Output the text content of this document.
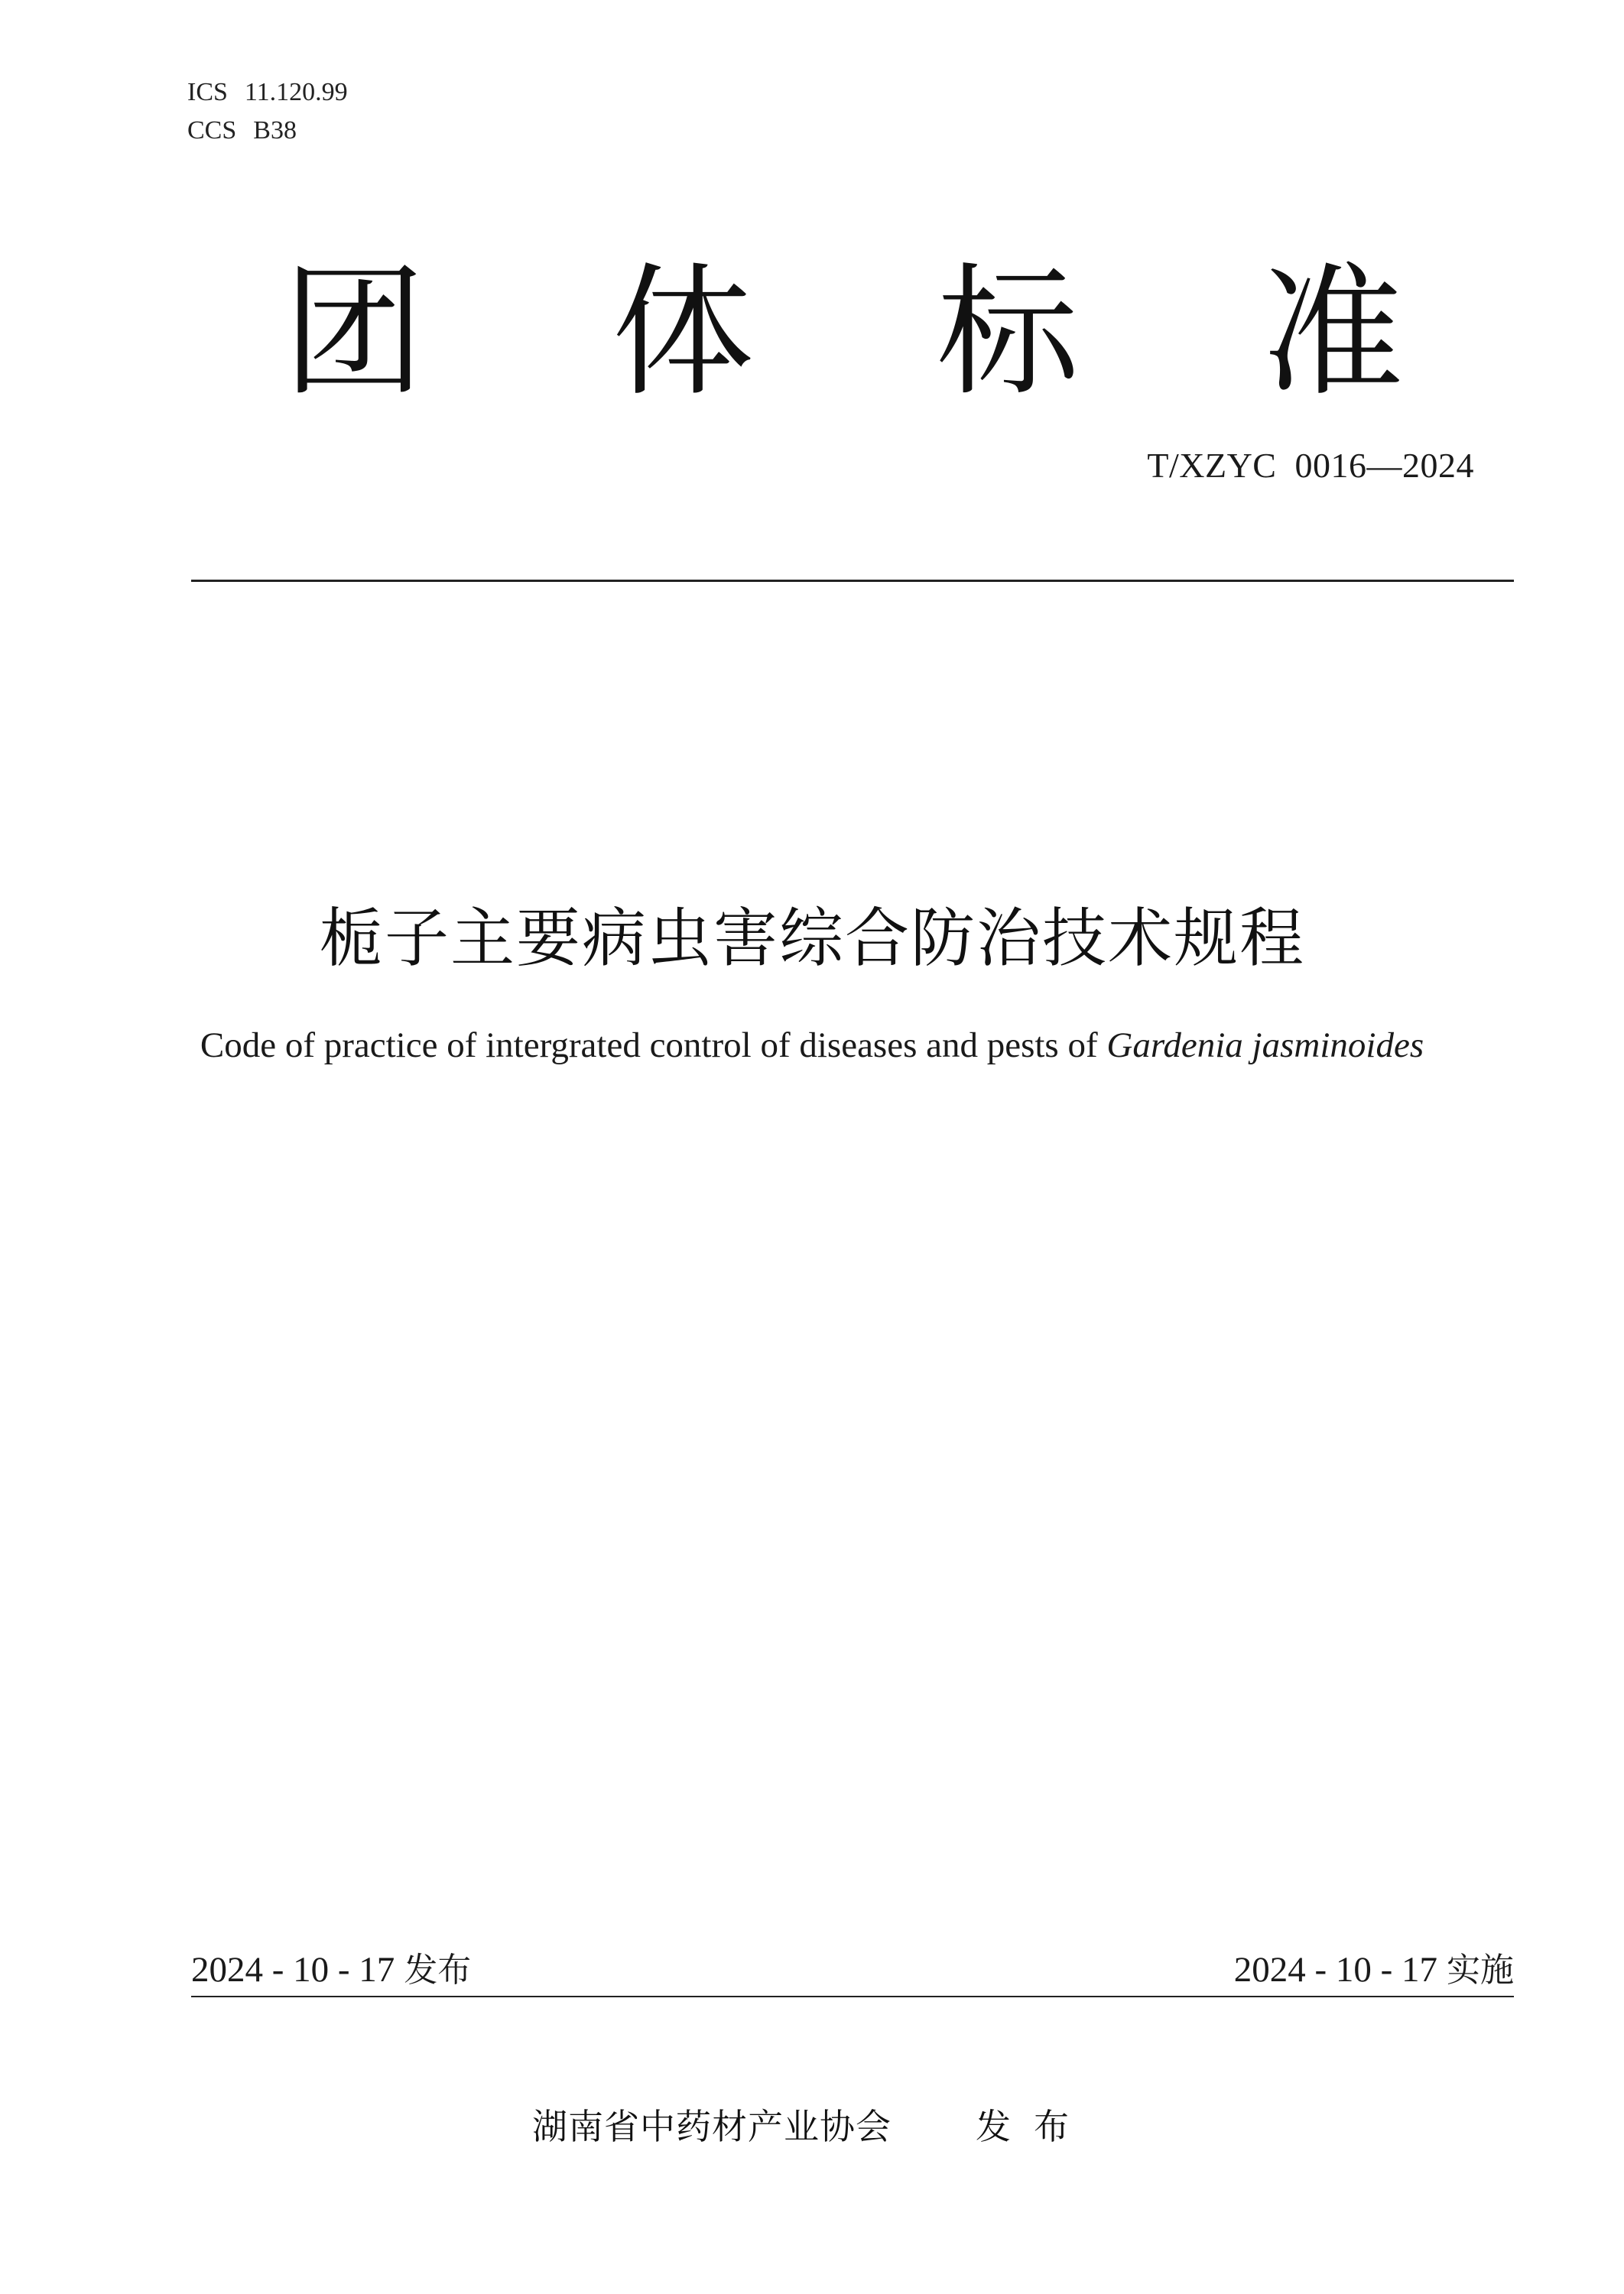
ICS 11.120.99
CCS B38
团 体 标 准
T/XZYC  0016—2024
栀子主要病虫害综合防治技术规程
Code of practice of intergrated control of diseases and pests of Gardenia jasminoides
2024 - 10 - 17 发布	2024 - 10 - 17 实施
湖南省中药材产业协会 发布
